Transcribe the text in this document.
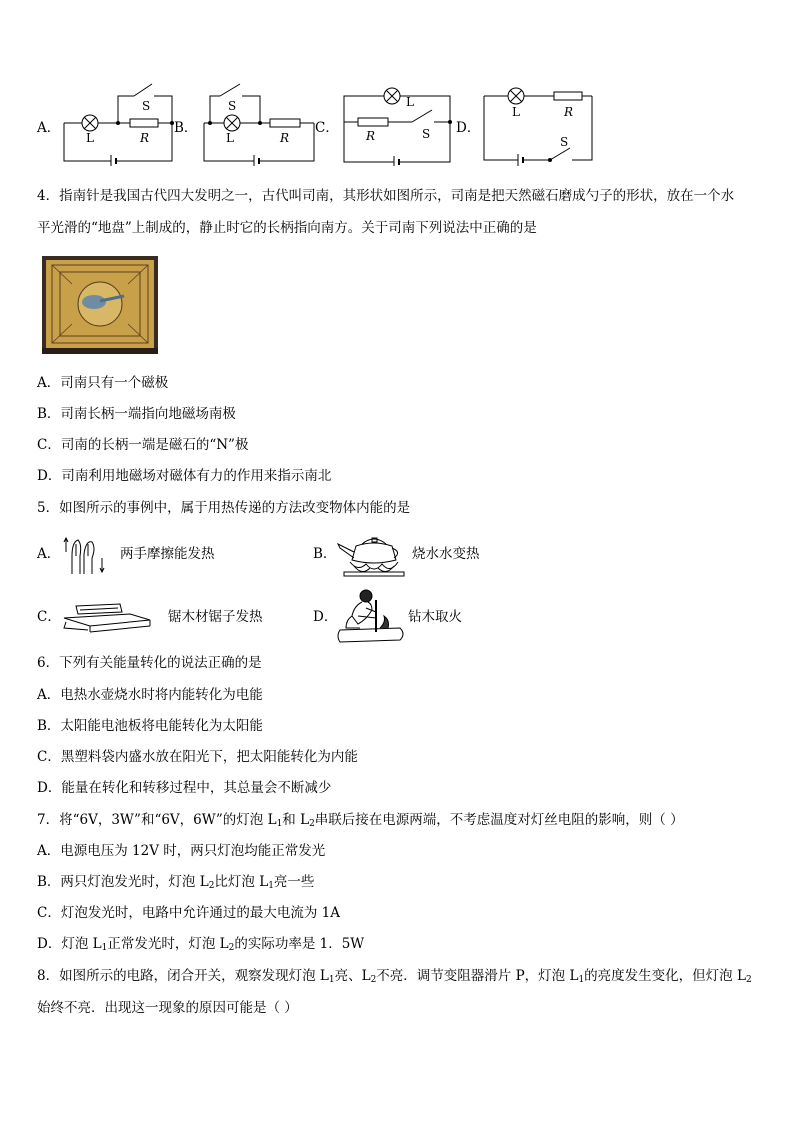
A．
L
S
R
B．
S
L	R
C．
L
R	S D．
L	R
S
4．指南针是我国古代四大发明之一，古代叫司南，其形状如图所示，司南是把天然磁石磨成勺子的形状，放在一个水
平光滑的“地盘”上制成的，静止时它的长柄指向南方。关于司南下列说法中正确的是
A．司南只有一个磁极
B．司南长柄一端指向地磁场南极
C．司南的长柄一端是磁石的“N”极
D．司南利用地磁场对磁体有力的作用来指示南北
5．如图所示的事例中，属于用热传递的方法改变物体内能的是
A．	两手摩擦能发热	B．	烧水水变热
C．	锯木材锯子发热	D．	钻木取火
6．下列有关能量转化的说法正确的是
A．电热水壶烧水时将内能转化为电能
B．太阳能电池板将电能转化为太阳能
C．黑塑料袋内盛水放在阳光下，把太阳能转化为内能
D．能量在转化和转移过程中，其总量会不断减少
7．将“6V，3W”和“6V，6W”的灯泡 $L_1$和 $L_2$串联后接在电源两端，不考虑温度对灯丝电阻的影响，则（ ）
A．电源电压为 12V 时，两只灯泡均能正常发光
B．两只灯泡发光时，灯泡 $L_2$比灯泡 $L_1$亮一些
C．灯泡发光时，电路中允许通过的最大电流为 1A
D．灯泡 $L_1$正常发光时，灯泡 $L_2$的实际功率是 1．5W
8．如图所示的电路，闭合开关，观察发现灯泡 $L_1$亮、$L_2$不亮．调节变阻器滑片 P，灯泡 $L_1$的亮度发生变化，但灯泡 $L_2$
始终不亮．出现这一现象的原因可能是（ ）
